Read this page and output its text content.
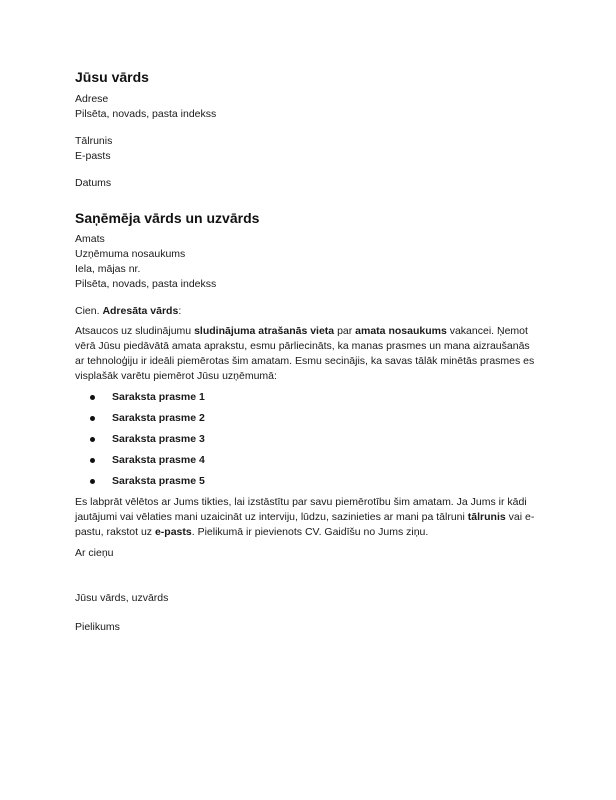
Jūsu vārds
Adrese
Pilsēta, novads, pasta indekss
Tālrunis
E-pasts
Datums
Saņēmēja vārds un uzvārds
Amats
Uzņēmuma nosaukums
Iela, mājas nr.
Pilsēta, novads, pasta indekss

Cien. Adresāta vārds:

Atsaucos uz sludinājumu sludinājuma atrašanās vieta par amata nosaukums vakancei. Ņemot vērā Jūsu piedāvātā amata aprakstu, esmu pārliecināts, ka manas prasmes un mana aizraušanās ar tehnoloģiju ir ideāli piemērotas šim amatam. Esmu secinājis, ka savas tālāk minētās prasmes es visplašāk varētu piemērot Jūsu uzņēmumā:

Saraksta prasme 1
Saraksta prasme 2
Saraksta prasme 3
Saraksta prasme 4
Saraksta prasme 5

Es labprāt vēlētos ar Jums tikties, lai izstāstītu par savu piemērotību šim amatam. Ja Jums ir kādi jautājumi vai vēlaties mani uzaicināt uz interviju, lūdzu, sazinieties ar mani pa tālruni tālrunis vai e-pastu, rakstot uz e-pasts. Pielikumā ir pievienots CV. Gaidīšu no Jums ziņu.

Ar cieņu
Jūsu vārds, uzvārds
Pielikums
